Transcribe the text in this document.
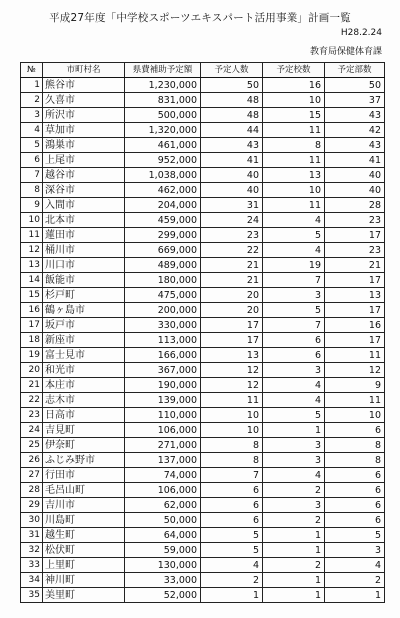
平成27年度「中学校スポーツエキスパート活用事業」計画一覧
H28.2.24
教育局保健体育課
№	市町村名	県費補助予定額	予定人数	予定校数	予定部数
1	熊谷市	1,230,000	50	16	50
2	久喜市	831,000	48	10	37
3	所沢市	500,000	48	15	43
4	草加市	1,320,000	44	11	42
5	鴻巣市	461,000	43	8	43
6	上尾市	952,000	41	11	41
7	越谷市	1,038,000	40	13	40
8	深谷市	462,000	40	10	40
9	入間市	204,000	31	11	28
10	北本市	459,000	24	4	23
11	蓮田市	299,000	23	5	17
12	桶川市	669,000	22	4	23
13	川口市	489,000	21	19	21
14	飯能市	180,000	21	7	17
15	杉戸町	475,000	20	3	13
16	鶴ヶ島市	200,000	20	5	17
17	坂戸市	330,000	17	7	16
18	新座市	113,000	17	6	17
19	富士見市	166,000	13	6	11
20	和光市	367,000	12	3	12
21	本庄市	190,000	12	4	9
22	志木市	139,000	11	4	11
23	日高市	110,000	10	5	10
24	吉見町	106,000	10	1	6
25	伊奈町	271,000	8	3	8
26	ふじみ野市	137,000	8	3	8
27	行田市	74,000	7	4	6
28	毛呂山町	106,000	6	2	6
29	吉川市	62,000	6	3	6
30	川島町	50,000	6	2	6
31	越生町	64,000	5	1	5
32	松伏町	59,000	5	1	3
33	上里町	130,000	4	2	4
34	神川町	33,000	2	1	2
35	美里町	52,000	1	1	1
